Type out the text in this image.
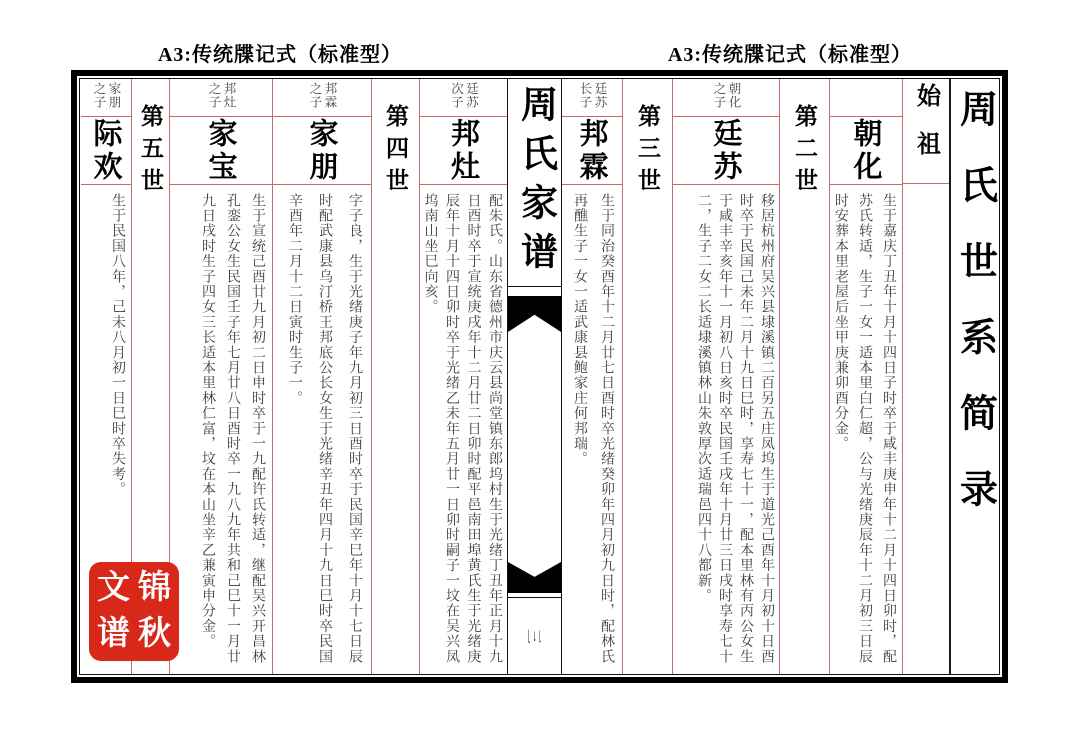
A3:传统牒记式（标准型）	A3:传统牒记式（标准型）
周氏世系简录
始祖
朝化
生于嘉庆丁丑年十月十四日子时卒于咸丰庚申年十二月十四日卯时，配苏氏转适，生子一女一适本里白仁超，公与光绪庚辰年十二月初三日辰时安葬本里老屋后坐甲庚兼卯酉分金。
第二世
朝化之子
廷苏
移居杭州府吴兴县埭溪镇二百另五庄凤坞生于道光己酉年十月初十日酉时卒于民国己未年二月十九日巳时，享寿七十一，配本里林有丙公女生于咸丰辛亥年十一月初八日亥时卒民国壬戌年十月廿三日戌时享寿七十二，生子二女二长适埭溪镇林山朱敦厚次适瑞邑四十八都新。
第三世
廷苏长子
邦霖
生于同治癸酉年十二月廿七日酉时卒光绪癸卯年四月初九日时，配林氏再醮生子一女一适武康县鲍家庄何邦瑞。
周氏家谱
三
廷苏次子
邦灶
配朱氏。山东省德州市庆云县尚堂镇东郎坞村生于光绪丁丑年正月十九日酉时卒于宣统庚戌年十二月廿二日卯时配平邑南田埠黄氏生于光绪庚辰年十月十四日卯时卒于光绪乙未年五月廿一日卯时嗣子一坟在吴兴凤坞南山坐巳向亥。
第四世
邦霖之子
家朋
字子良，生于光绪庚子年九月初三日酉时卒于民国辛巳年十月十七日辰时配武康县乌汀桥王邦底公长女生于光绪辛丑年四月十九日巳时卒民国辛酉年二月十二日寅时生子一。
邦灶之子
家宝
生于宣统己酉廿九月初二日申时卒于一九配许氏转适，继配吴兴开昌林孔銮公女生民国壬子年七月廿八日酉时卒一九八九年共和己巳十一月廿九日戌时生子四女三长适本里林仁富，坟在本山坐辛乙兼寅申分金。
第五世
家朋之子
际欢
生于民国八年，己未八月初一日巳时卒失考。
锦
秋
文
谱
